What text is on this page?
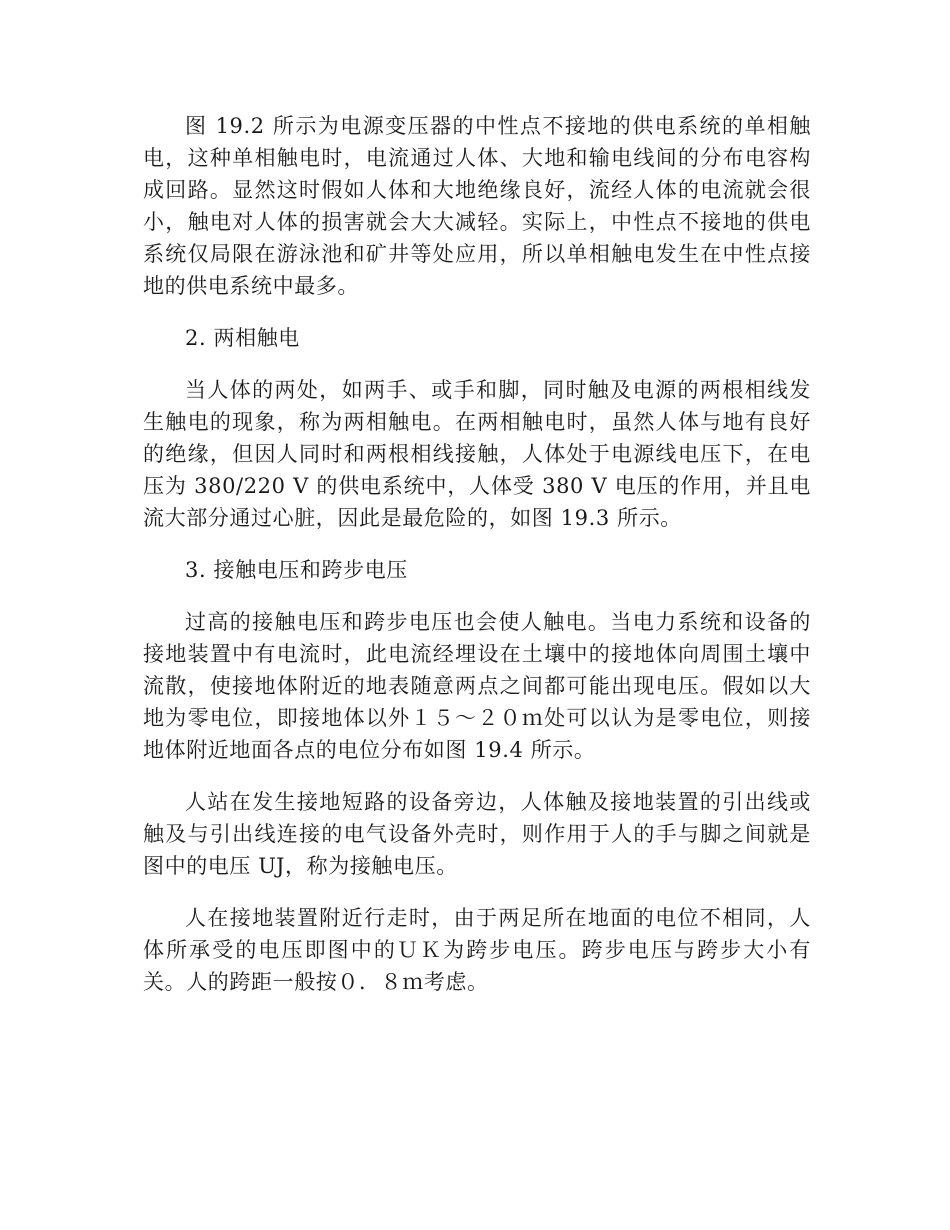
图 19.2 所示为电源变压器的中性点不接地的供电系统的单相触电，这种单相触电时，电流通过人体、大地和输电线间的分布电容构成回路。显然这时假如人体和大地绝缘良好，流经人体的电流就会很小，触电对人体的损害就会大大减轻。实际上，中性点不接地的供电系统仅局限在游泳池和矿井等处应用，所以单相触电发生在中性点接地的供电系统中最多。

2. 两相触电

当人体的两处，如两手、或手和脚，同时触及电源的两根相线发生触电的现象，称为两相触电。在两相触电时，虽然人体与地有良好的绝缘，但因人同时和两根相线接触，人体处于电源线电压下，在电压为 380/220 V 的供电系统中，人体受 380 V 电压的作用，并且电流大部分通过心脏，因此是最危险的，如图 19.3 所示。

3. 接触电压和跨步电压

过高的接触电压和跨步电压也会使人触电。当电力系统和设备的接地装置中有电流时，此电流经埋设在土壤中的接地体向周围土壤中流散，使接地体附近的地表随意两点之间都可能出现电压。假如以大地为零电位，即接地体以外１５～２０ｍ处可以认为是零电位，则接地体附近地面各点的电位分布如图 19.4 所示。

人站在发生接地短路的设备旁边，人体触及接地装置的引出线或触及与引出线连接的电气设备外壳时，则作用于人的手与脚之间就是图中的电压 UJ，称为接触电压。

人在接地装置附近行走时，由于两足所在地面的电位不相同，人体所承受的电压即图中的ＵＫ为跨步电压。跨步电压与跨步大小有关。人的跨距一般按０．８ｍ考虑。
